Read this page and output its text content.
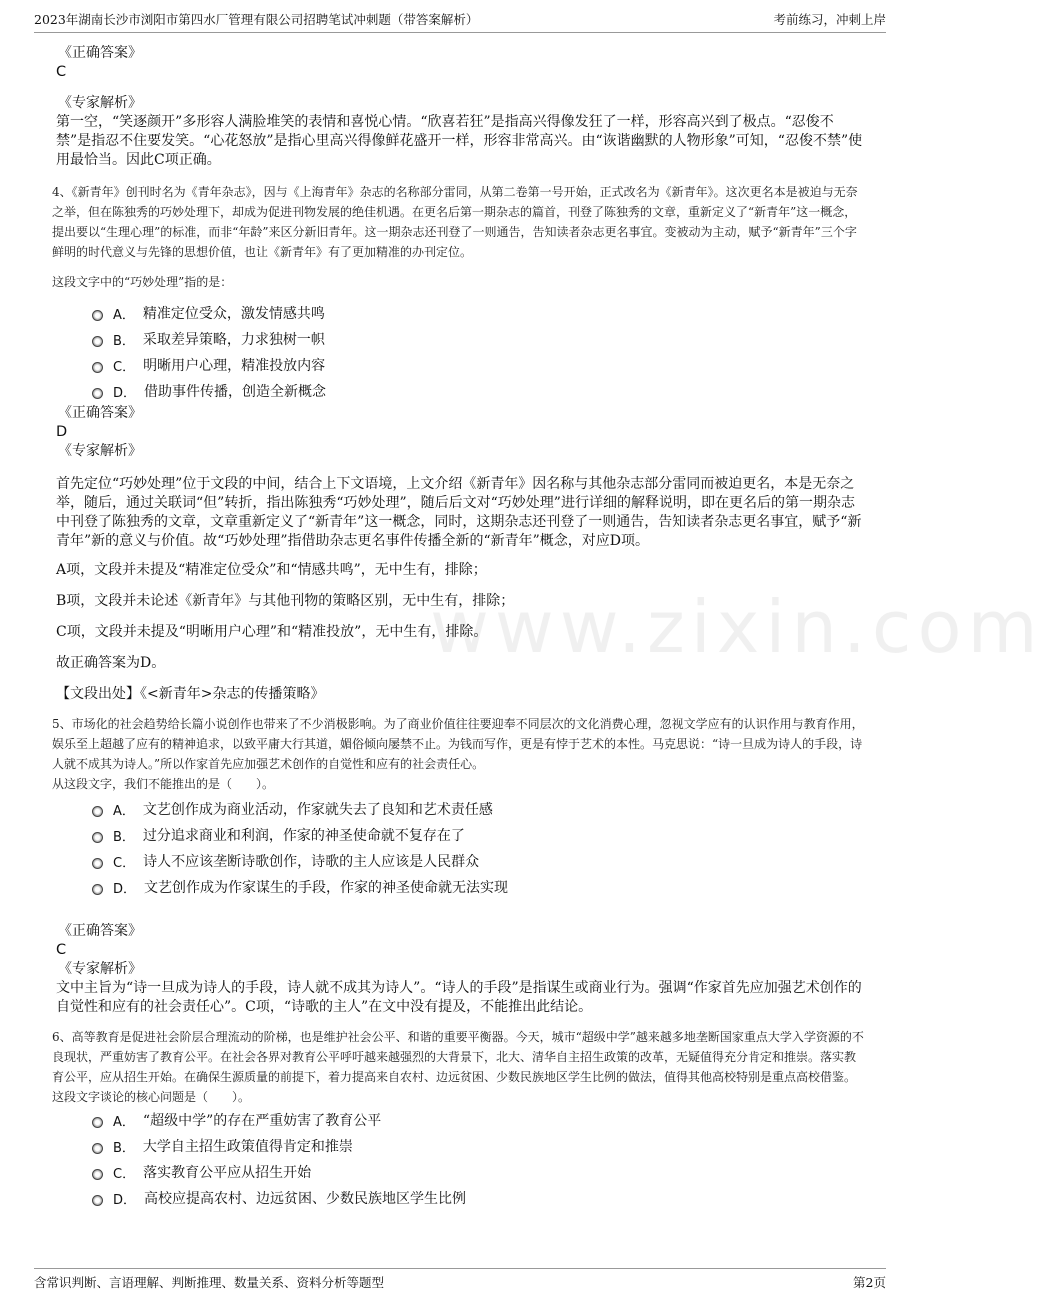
2023年湖南长沙市浏阳市第四水厂管理有限公司招聘笔试冲刺题（带答案解析）	考前练习，冲刺上岸
www.zixin.com
《正确答案》
C
《专家解析》
第一空，“笑逐颜开”多形容人满脸堆笑的表情和喜悦心情。“欣喜若狂”是指高兴得像发狂了一样，形容高兴到了极点。“忍俊不禁”是指忍不住要发笑。“心花怒放”是指心里高兴得像鲜花盛开一样，形容非常高兴。由“诙谐幽默的人物形象”可知，“忍俊不禁”使用最恰当。因此C项正确。
4、《新青年》创刊时名为《青年杂志》，因与《上海青年》杂志的名称部分雷同，从第二卷第一号开始，正式改名为《新青年》。这次更名本是被迫与无奈之举，但在陈独秀的巧妙处理下，却成为促进刊物发展的绝佳机遇。在更名后第一期杂志的篇首，刊登了陈独秀的文章，重新定义了“新青年”这一概念，提出要以“生理心理”的标准，而非“年龄”来区分新旧青年。这一期杂志还刊登了一则通告，告知读者杂志更名事宜。变被动为主动，赋予“新青年”三个字鲜明的时代意义与先锋的思想价值，也让《新青年》有了更加精准的办刊定位。
这段文字中的“巧妙处理”指的是：
A． 精准定位受众，激发情感共鸣
B． 采取差异策略，力求独树一帜
C． 明晰用户心理，精准投放内容
D． 借助事件传播，创造全新概念
《正确答案》
D
《专家解析》
首先定位“巧妙处理”位于文段的中间，结合上下文语境，上文介绍《新青年》因名称与其他杂志部分雷同而被迫更名，本是无奈之举，随后，通过关联词“但”转折，指出陈独秀“巧妙处理”，随后后文对“巧妙处理”进行详细的解释说明，即在更名后的第一期杂志中刊登了陈独秀的文章，文章重新定义了“新青年”这一概念，同时，这期杂志还刊登了一则通告，告知读者杂志更名事宜，赋予“新青年”新的意义与价值。故“巧妙处理”指借助杂志更名事件传播全新的“新青年”概念，对应D项。
A项，文段并未提及“精准定位受众”和“情感共鸣”，无中生有，排除；
B项，文段并未论述《新青年》与其他刊物的策略区别，无中生有，排除；
C项，文段并未提及“明晰用户心理”和“精准投放”，无中生有，排除。
故正确答案为D。
【文段出处】《<新青年>杂志的传播策略》
5、市场化的社会趋势给长篇小说创作也带来了不少消极影响。为了商业价值往往要迎奉不同层次的文化消费心理，忽视文学应有的认识作用与教育作用，娱乐至上超越了应有的精神追求，以致平庸大行其道，媚俗倾向屡禁不止。为钱而写作，更是有悖于艺术的本性。马克思说：“诗一旦成为诗人的手段，诗人就不成其为诗人。”所以作家首先应加强艺术创作的自觉性和应有的社会责任心。
从这段文字，我们不能推出的是（　　）。
A． 文艺创作成为商业活动，作家就失去了良知和艺术责任感
B． 过分追求商业和利润，作家的神圣使命就不复存在了
C． 诗人不应该垄断诗歌创作，诗歌的主人应该是人民群众
D． 文艺创作成为作家谋生的手段，作家的神圣使命就无法实现
《正确答案》
C
《专家解析》
文中主旨为“诗一旦成为诗人的手段，诗人就不成其为诗人”。“诗人的手段”是指谋生或商业行为。强调“作家首先应加强艺术创作的自觉性和应有的社会责任心”。C项，“诗歌的主人”在文中没有提及，不能推出此结论。
6、高等教育是促进社会阶层合理流动的阶梯，也是维护社会公平、和谐的重要平衡器。今天，城市“超级中学”越来越多地垄断国家重点大学入学资源的不良现状，严重妨害了教育公平。在社会各界对教育公平呼吁越来越强烈的大背景下，北大、清华自主招生政策的改革，无疑值得充分肯定和推崇。落实教育公平，应从招生开始。在确保生源质量的前提下，着力提高来自农村、边远贫困、少数民族地区学生比例的做法，值得其他高校特别是重点高校借鉴。
这段文字谈论的核心问题是（　　）。
A． “超级中学”的存在严重妨害了教育公平
B． 大学自主招生政策值得肯定和推崇
C． 落实教育公平应从招生开始
D． 高校应提高农村、边远贫困、少数民族地区学生比例
含常识判断、言语理解、判断推理、数量关系、资料分析等题型	第2页
